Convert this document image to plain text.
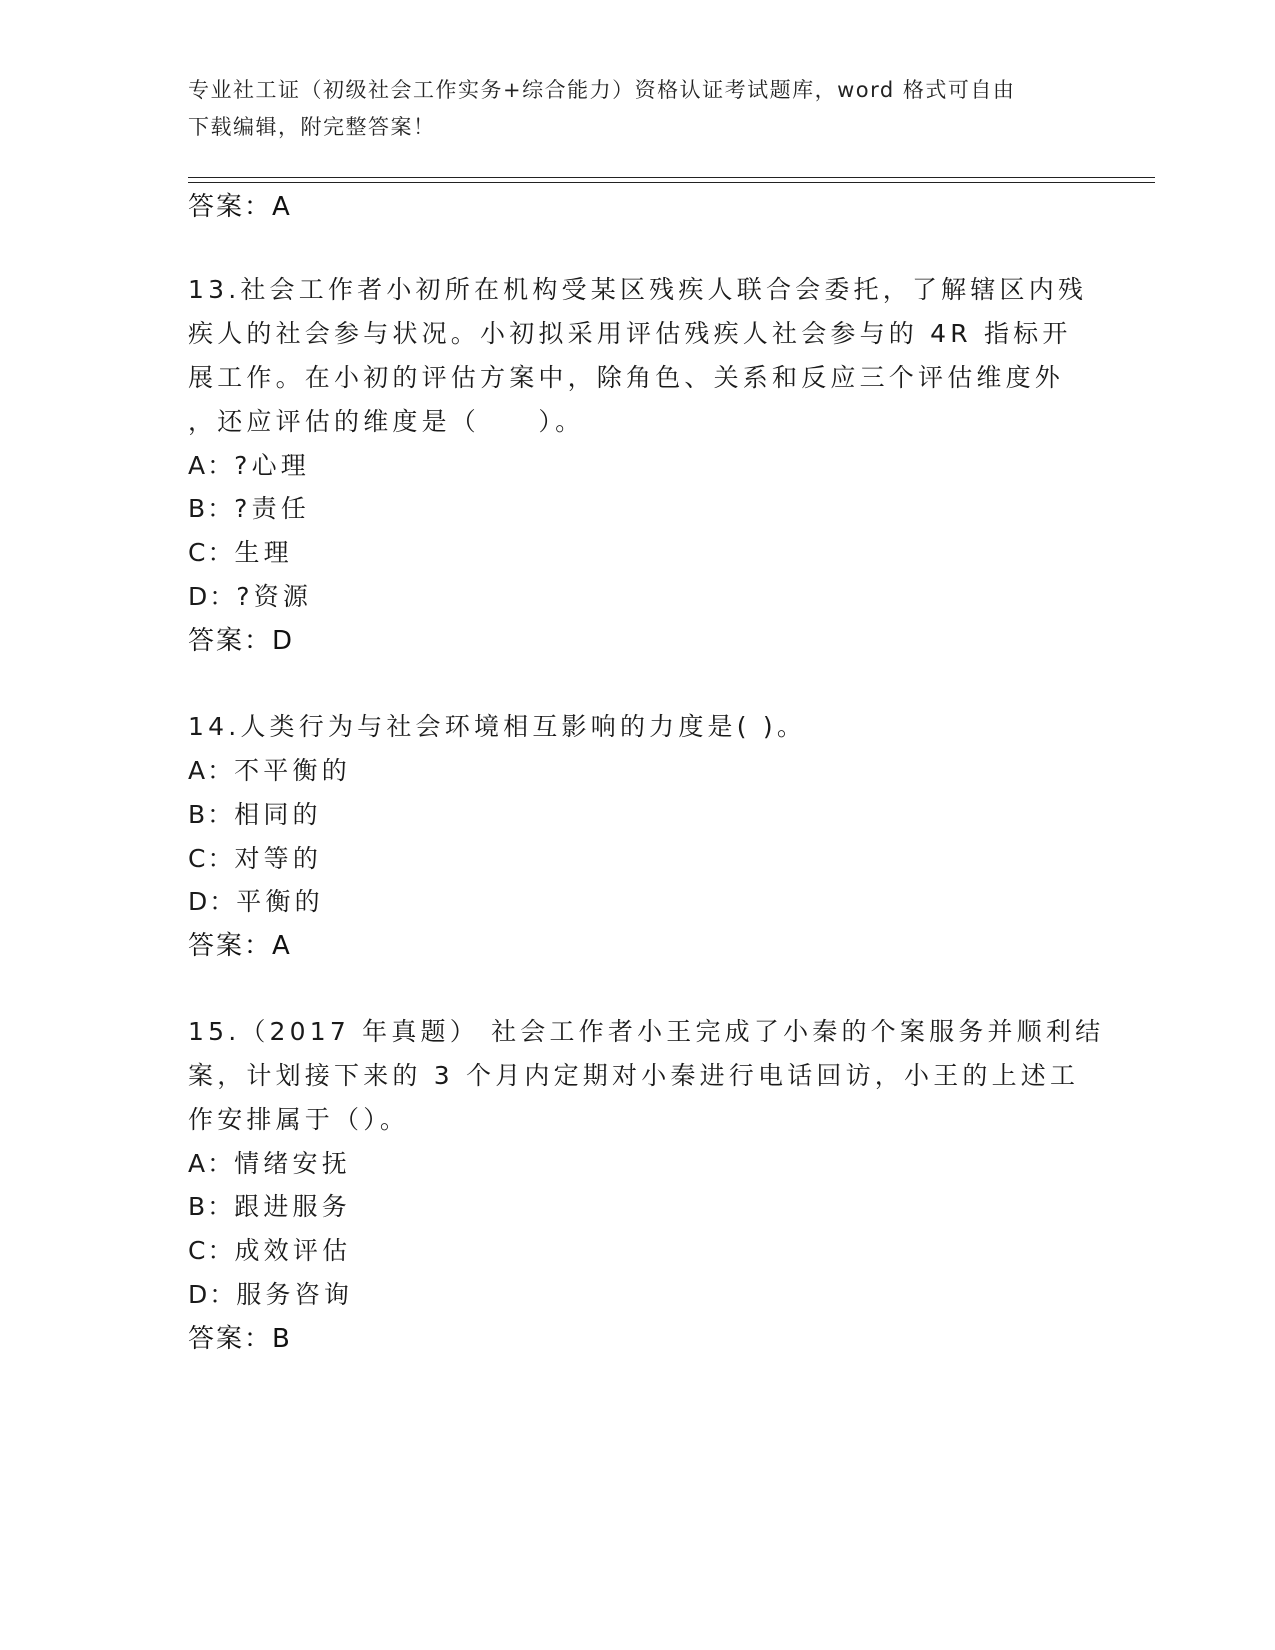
专业社工证（初级社会工作实务+综合能力）资格认证考试题库，word 格式可自由
下载编辑，附完整答案！
答案：A
13.社会工作者小初所在机构受某区残疾人联合会委托，了解辖区内残
疾人的社会参与状况。小初拟采用评估残疾人社会参与的 4R 指标开
展工作。在小初的评估方案中，除角色、关系和反应三个评估维度外
，还应评估的维度是（　　）。
A：?心理
B：?责任
C：生理
D：?资源
答案：D
14.人类行为与社会环境相互影响的力度是( )。
A：不平衡的
B：相同的
C：对等的
D：平衡的
答案：A
15.（2017 年真题） 社会工作者小王完成了小秦的个案服务并顺利结
案，计划接下来的 3 个月内定期对小秦进行电话回访，小王的上述工
作安排属于（）。
A：情绪安抚
B：跟进服务
C：成效评估
D：服务咨询
答案：B
